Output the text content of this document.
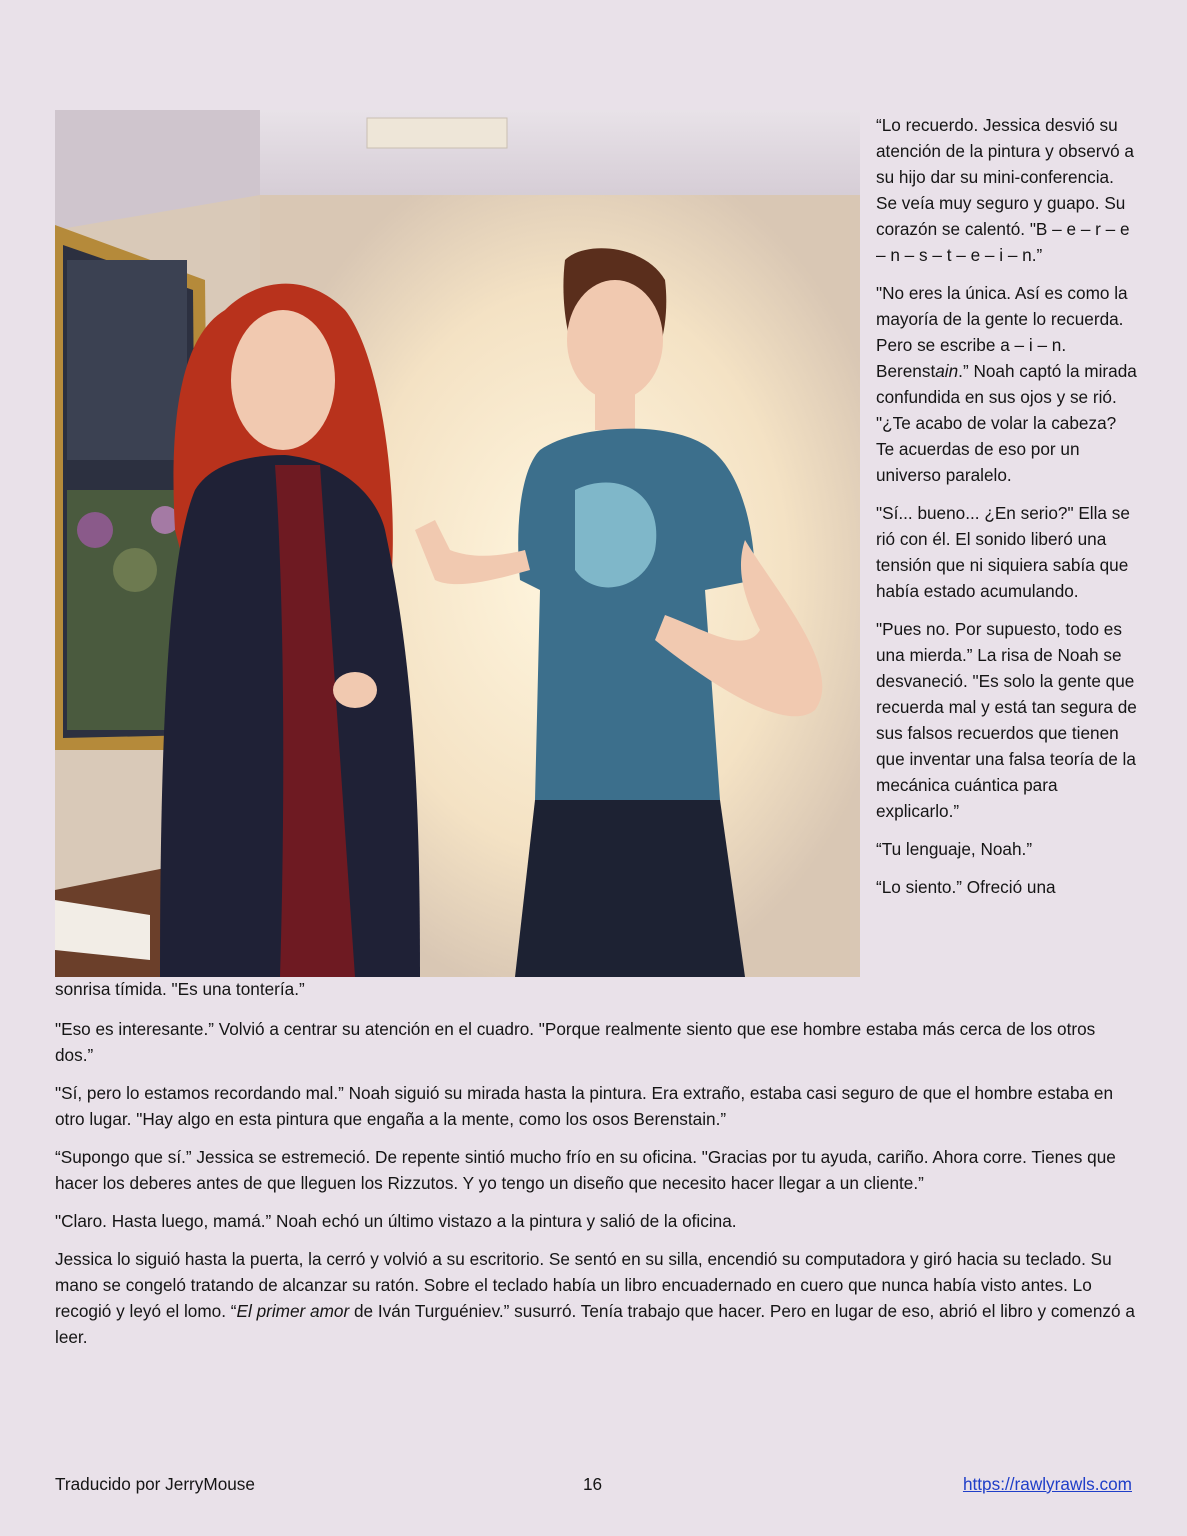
“Lo recuerdo. Jessica desvió su atención de la pintura y observó a su hijo dar su mini-conferencia. Se veía muy seguro y guapo. Su corazón se calentó. "B – e – r – e – n – s – t – e – i – n.”

"No eres la única. Así es como la mayoría de la gente lo recuerda. Pero se escribe a – i – n. Berenstain.” Noah captó la mirada confundida en sus ojos y se rió. "¿Te acabo de volar la cabeza? Te acuerdas de eso por un universo paralelo.

"Sí... bueno... ¿En serio?" Ella se rió con él. El sonido liberó una tensión que ni siquiera sabía que había estado acumulando.

"Pues no. Por supuesto, todo es una mierda.” La risa de Noah se desvaneció. "Es solo la gente que recuerda mal y está tan segura de sus falsos recuerdos que tienen que inventar una falsa teoría de la mecánica cuántica para explicarlo.”

“Tu lenguaje, Noah.”

“Lo siento.” Ofreció una

sonrisa tímida. "Es una tontería.”

"Eso es interesante.” Volvió a centrar su atención en el cuadro. "Porque realmente siento que ese hombre estaba más cerca de los otros dos.”

"Sí, pero lo estamos recordando mal.” Noah siguió su mirada hasta la pintura. Era extraño, estaba casi seguro de que el hombre estaba en otro lugar. "Hay algo en esta pintura que engaña a la mente, como los osos Berenstain.”

“Supongo que sí.” Jessica se estremeció. De repente sintió mucho frío en su oficina. "Gracias por tu ayuda, cariño. Ahora corre. Tienes que hacer los deberes antes de que lleguen los Rizzutos. Y yo tengo un diseño que necesito hacer llegar a un cliente.”

"Claro. Hasta luego, mamá.” Noah echó un último vistazo a la pintura y salió de la oficina.

Jessica lo siguió hasta la puerta, la cerró y volvió a su escritorio. Se sentó en su silla, encendió su computadora y giró hacia su teclado. Su mano se congeló tratando de alcanzar su ratón. Sobre el teclado había un libro encuadernado en cuero que nunca había visto antes. Lo recogió y leyó el lomo. “El primer amor de Iván Turguéniev.” susurró. Tenía trabajo que hacer. Pero en lugar de eso, abrió el libro y comenzó a leer.

Traducido por JerryMouse	16	https://rawlyrawls.com
